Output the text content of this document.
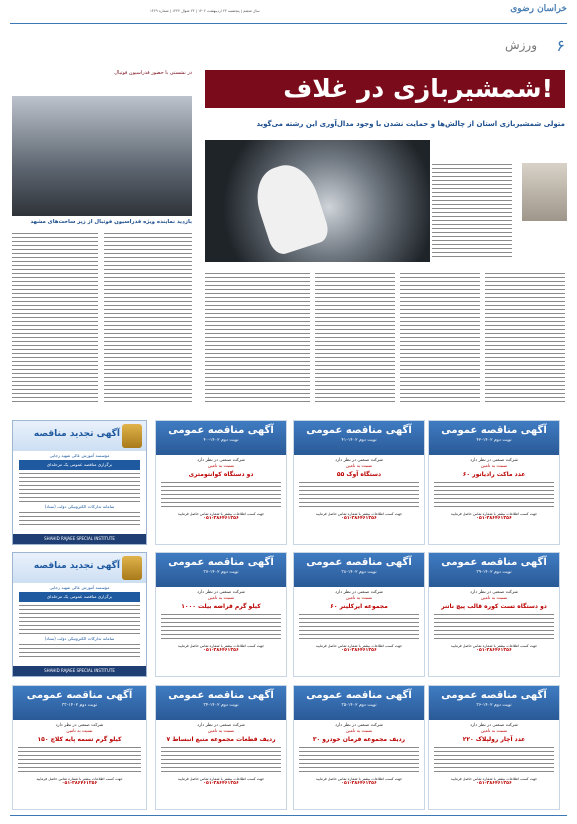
خراسان رضوی
سال ششم | پنجشنبه ۲۴ اردیبهشت ۱۴۰۲ | ۲۴ شوال ۱۴۴۴ | شماره ۱۴۲۹
۶
ورزش
در نشستی با حضور فدراسیون فوتبال
بازدید نماینده ویژه فدراسیون فوتبال از زیر ساخت‌های مشهد
شمشیربازی در غلاف!
متولی شمشیربازی استان از چالش‌ها و حمایت نشدن با وجود مدال‌آوری این رشته می‌گوید
آگهی مناقصه عمومی
نوبت دوم ۱۴۰۲-۴۲
شرکت صنعتی در نظر دارد
نسبت به تامین
۶۰ عدد ماکت رادیاتور
جهت کسب اطلاعات بیشتر با شماره تماس حاصل فرمایید
۰۵۱-۳۸۶۴۶۱۲۵۶
آگهی مناقصه عمومی
نوبت دوم ۱۴۰۲-۴۱
شرکت صنعتی در نظر دارد
نسبت به تامین
۵۵ دستگاه آوک
جهت کسب اطلاعات بیشتر با شماره تماس حاصل فرمایید
۰۵۱-۳۸۶۴۶۱۲۵۶
آگهی مناقصه عمومی
نوبت دوم ۱۴۰۲-۴۰
شرکت صنعتی در نظر دارد
نسبت به تامین
دو دستگاه کوانتومتری
جهت کسب اطلاعات بیشتر با شماره تماس حاصل فرمایید
۰۵۱-۳۸۶۴۶۱۲۵۶
آگهی مناقصه عمومی
نوبت دوم ۱۴۰۲-۳۹
شرکت صنعتی در نظر دارد
نسبت به تامین
دو دستگاه تست کوره قالب پیچ ناتنر
جهت کسب اطلاعات بیشتر با شماره تماس حاصل فرمایید
۰۵۱-۳۸۶۴۶۱۲۵۶
آگهی مناقصه عمومی
نوبت دوم ۱۴۰۲-۳۸
شرکت صنعتی در نظر دارد
نسبت به تامین
۶۰ مجموعه ایرکلینر
جهت کسب اطلاعات بیشتر با شماره تماس حاصل فرمایید
۰۵۱-۳۸۶۴۶۱۲۵۶
آگهی مناقصه عمومی
نوبت دوم ۱۴۰۲-۳۷
شرکت صنعتی در نظر دارد
نسبت به تامین
۱۰۰۰ کیلو گرم قراضه بیلت
جهت کسب اطلاعات بیشتر با شماره تماس حاصل فرمایید
۰۵۱-۳۸۶۴۶۱۲۵۶
آگهی مناقصه عمومی
نوبت دوم ۱۴۰۲-۳۶
شرکت صنعتی در نظر دارد
نسبت به تامین
۲۲۰ عدد آچار رولپلاک
جهت کسب اطلاعات بیشتر با شماره تماس حاصل فرمایید
۰۵۱-۳۸۶۴۶۱۲۵۶
آگهی مناقصه عمومی
نوبت دوم ۱۴۰۲-۳۵
شرکت صنعتی در نظر دارد
نسبت به تامین
۳۰ ردیف مجموعه فرمان خودرو
جهت کسب اطلاعات بیشتر با شماره تماس حاصل فرمایید
۰۵۱-۳۸۶۴۶۱۲۵۶
آگهی مناقصه عمومی
نوبت دوم ۱۴۰۲-۳۴
شرکت صنعتی در نظر دارد
نسبت به تامین
۷ ردیف قطعات مجموعه منبع انبساط
جهت کسب اطلاعات بیشتر با شماره تماس حاصل فرمایید
۰۵۱-۳۸۶۴۶۱۲۵۶
آگهی مناقصه عمومی
نوبت دوم ۱۴۰۲-۳۳
شرکت صنعتی در نظر دارد
نسبت به تامین
۱۵۰ کیلو گرم تسمه پایه کلاچ
جهت کسب اطلاعات بیشتر با شماره تماس حاصل فرمایید
۰۵۱-۳۸۶۴۶۱۲۵۶
آگهی تجدید مناقصه
مؤسسه آموزش عالی شهید رجایی
برگزاری مناقصه عمومی یک مرحله‌ای
سامانه تدارکات الکترونیکی دولت (ستاد)
SHAHID RAJAEE SPECIAL INSTITUTE
آگهی تجدید مناقصه
مؤسسه آموزش عالی شهید رجایی
برگزاری مناقصه عمومی یک مرحله‌ای
سامانه تدارکات الکترونیکی دولت (ستاد)
SHAHID RAJAEE SPECIAL INSTITUTE
